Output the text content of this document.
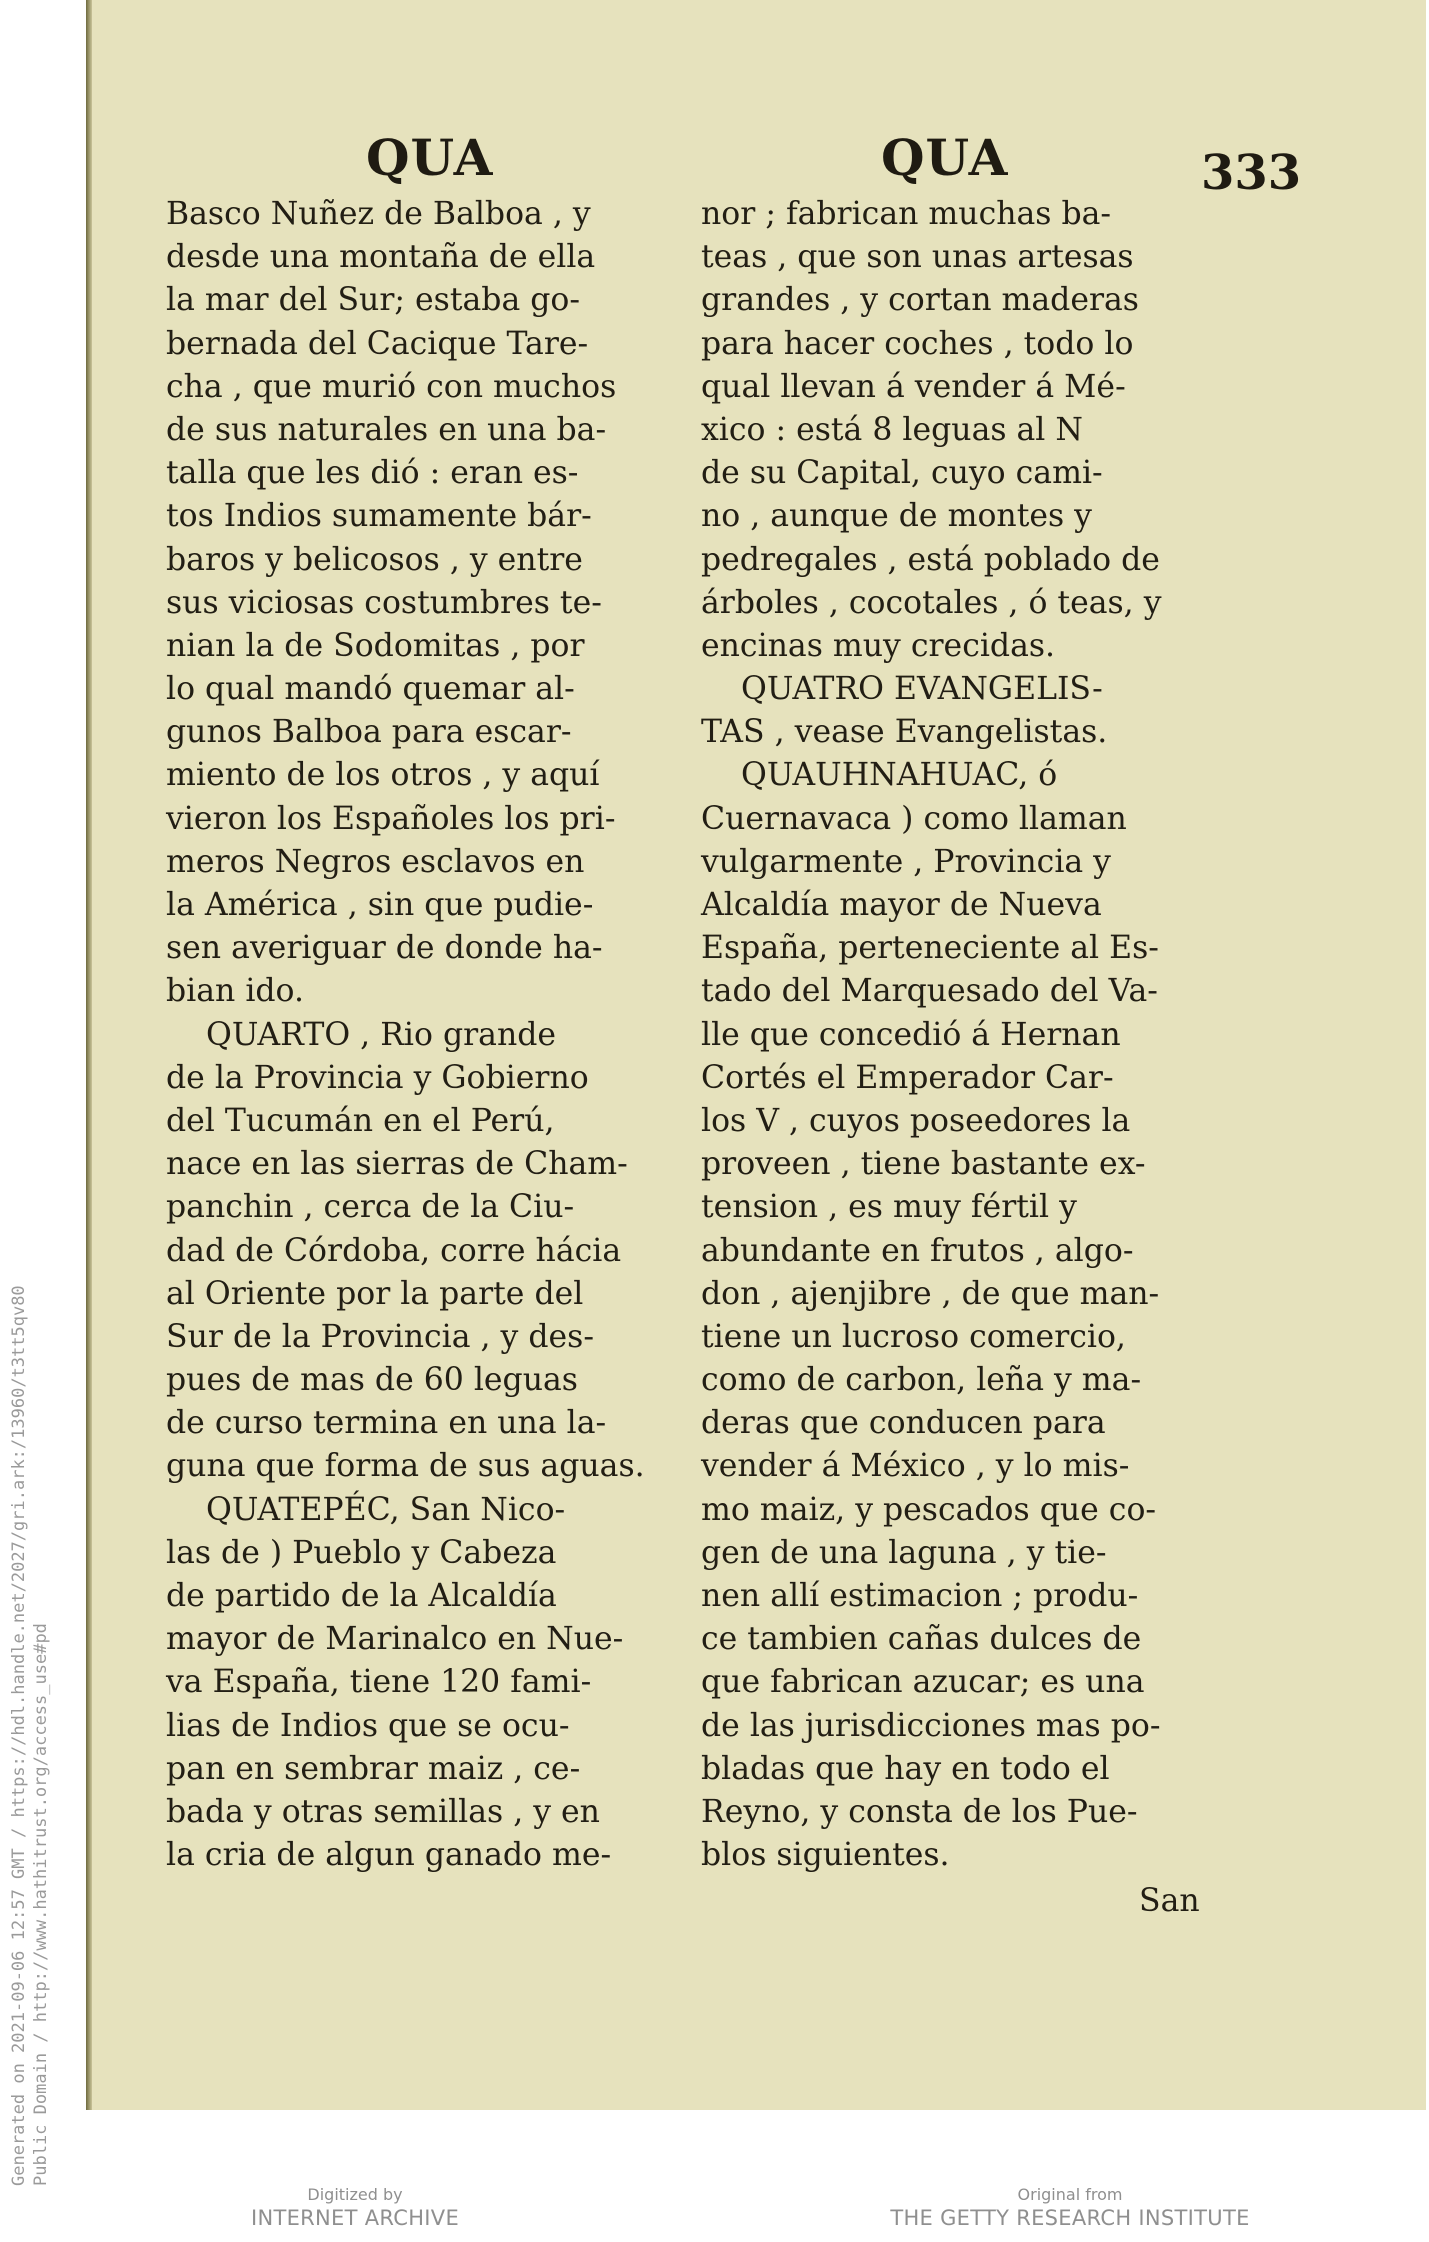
QUA	QUA	333
Basco Nuñez de Balboa , y
desde una montaña de ella
la mar del Sur; estaba go-
bernada del Cacique Tare-
cha , que murió con muchos
de sus naturales en una ba-
talla que les dió : eran es-
tos Indios sumamente bár-
baros y belicosos , y entre
sus viciosas costumbres te-
nian la de Sodomitas , por
lo qual mandó quemar al-
gunos Balboa para escar-
miento de los otros , y aquí
vieron los Españoles los pri-
meros Negros esclavos en
la América , sin que pudie-
sen averiguar de donde ha-
bian ido.
QUARTO , Rio grande
de la Provincia y Gobierno
del Tucumán en el Perú,
nace en las sierras de Cham-
panchin , cerca de la Ciu-
dad de Córdoba, corre hácia
al Oriente por la parte del
Sur de la Provincia , y des-
pues de mas de 60 leguas
de curso termina en una la-
guna que forma de sus aguas.
QUATEPÉC, San Nico-
las de ) Pueblo y Cabeza
de partido de la Alcaldía
mayor de Marinalco en Nue-
va España, tiene 120 fami-
lias de Indios que se ocu-
pan en sembrar maiz , ce-
bada y otras semillas , y en
la cria de algun ganado me-
nor ; fabrican muchas ba-
teas , que son unas artesas
grandes , y cortan maderas
para hacer coches , todo lo
qual llevan á vender á Mé-
xico : está 8 leguas al N
de su Capital, cuyo cami-
no , aunque de montes y
pedregales , está poblado de
árboles , cocotales , ó teas, y
encinas muy crecidas.
QUATRO EVANGELIS-
TAS , vease Evangelistas.
QUAUHNAHUAC, ó
Cuernavaca ) como llaman
vulgarmente , Provincia y
Alcaldía mayor de Nueva
España, perteneciente al Es-
tado del Marquesado del Va-
lle que concedió á Hernan
Cortés el Emperador Car-
los V , cuyos poseedores la
proveen , tiene bastante ex-
tension , es muy fértil y
abundante en frutos , algo-
don , ajenjibre , de que man-
tiene un lucroso comercio,
como de carbon, leña y ma-
deras que conducen para
vender á México , y lo mis-
mo maiz, y pescados que co-
gen de una laguna , y tie-
nen allí estimacion ; produ-
ce tambien cañas dulces de
que fabrican azucar; es una
de las jurisdicciones mas po-
bladas que hay en todo el
Reyno, y consta de los Pue-
blos siguientes.
San
Generated on 2021-09-06 12:57 GMT / https://hdl.handle.net/2027/gri.ark:/13960/t3tt5qv80 Public Domain / http://www.hathitrust.org/access_use#pd
Digitized by
INTERNET ARCHIVE
Original from
THE GETTY RESEARCH INSTITUTE
